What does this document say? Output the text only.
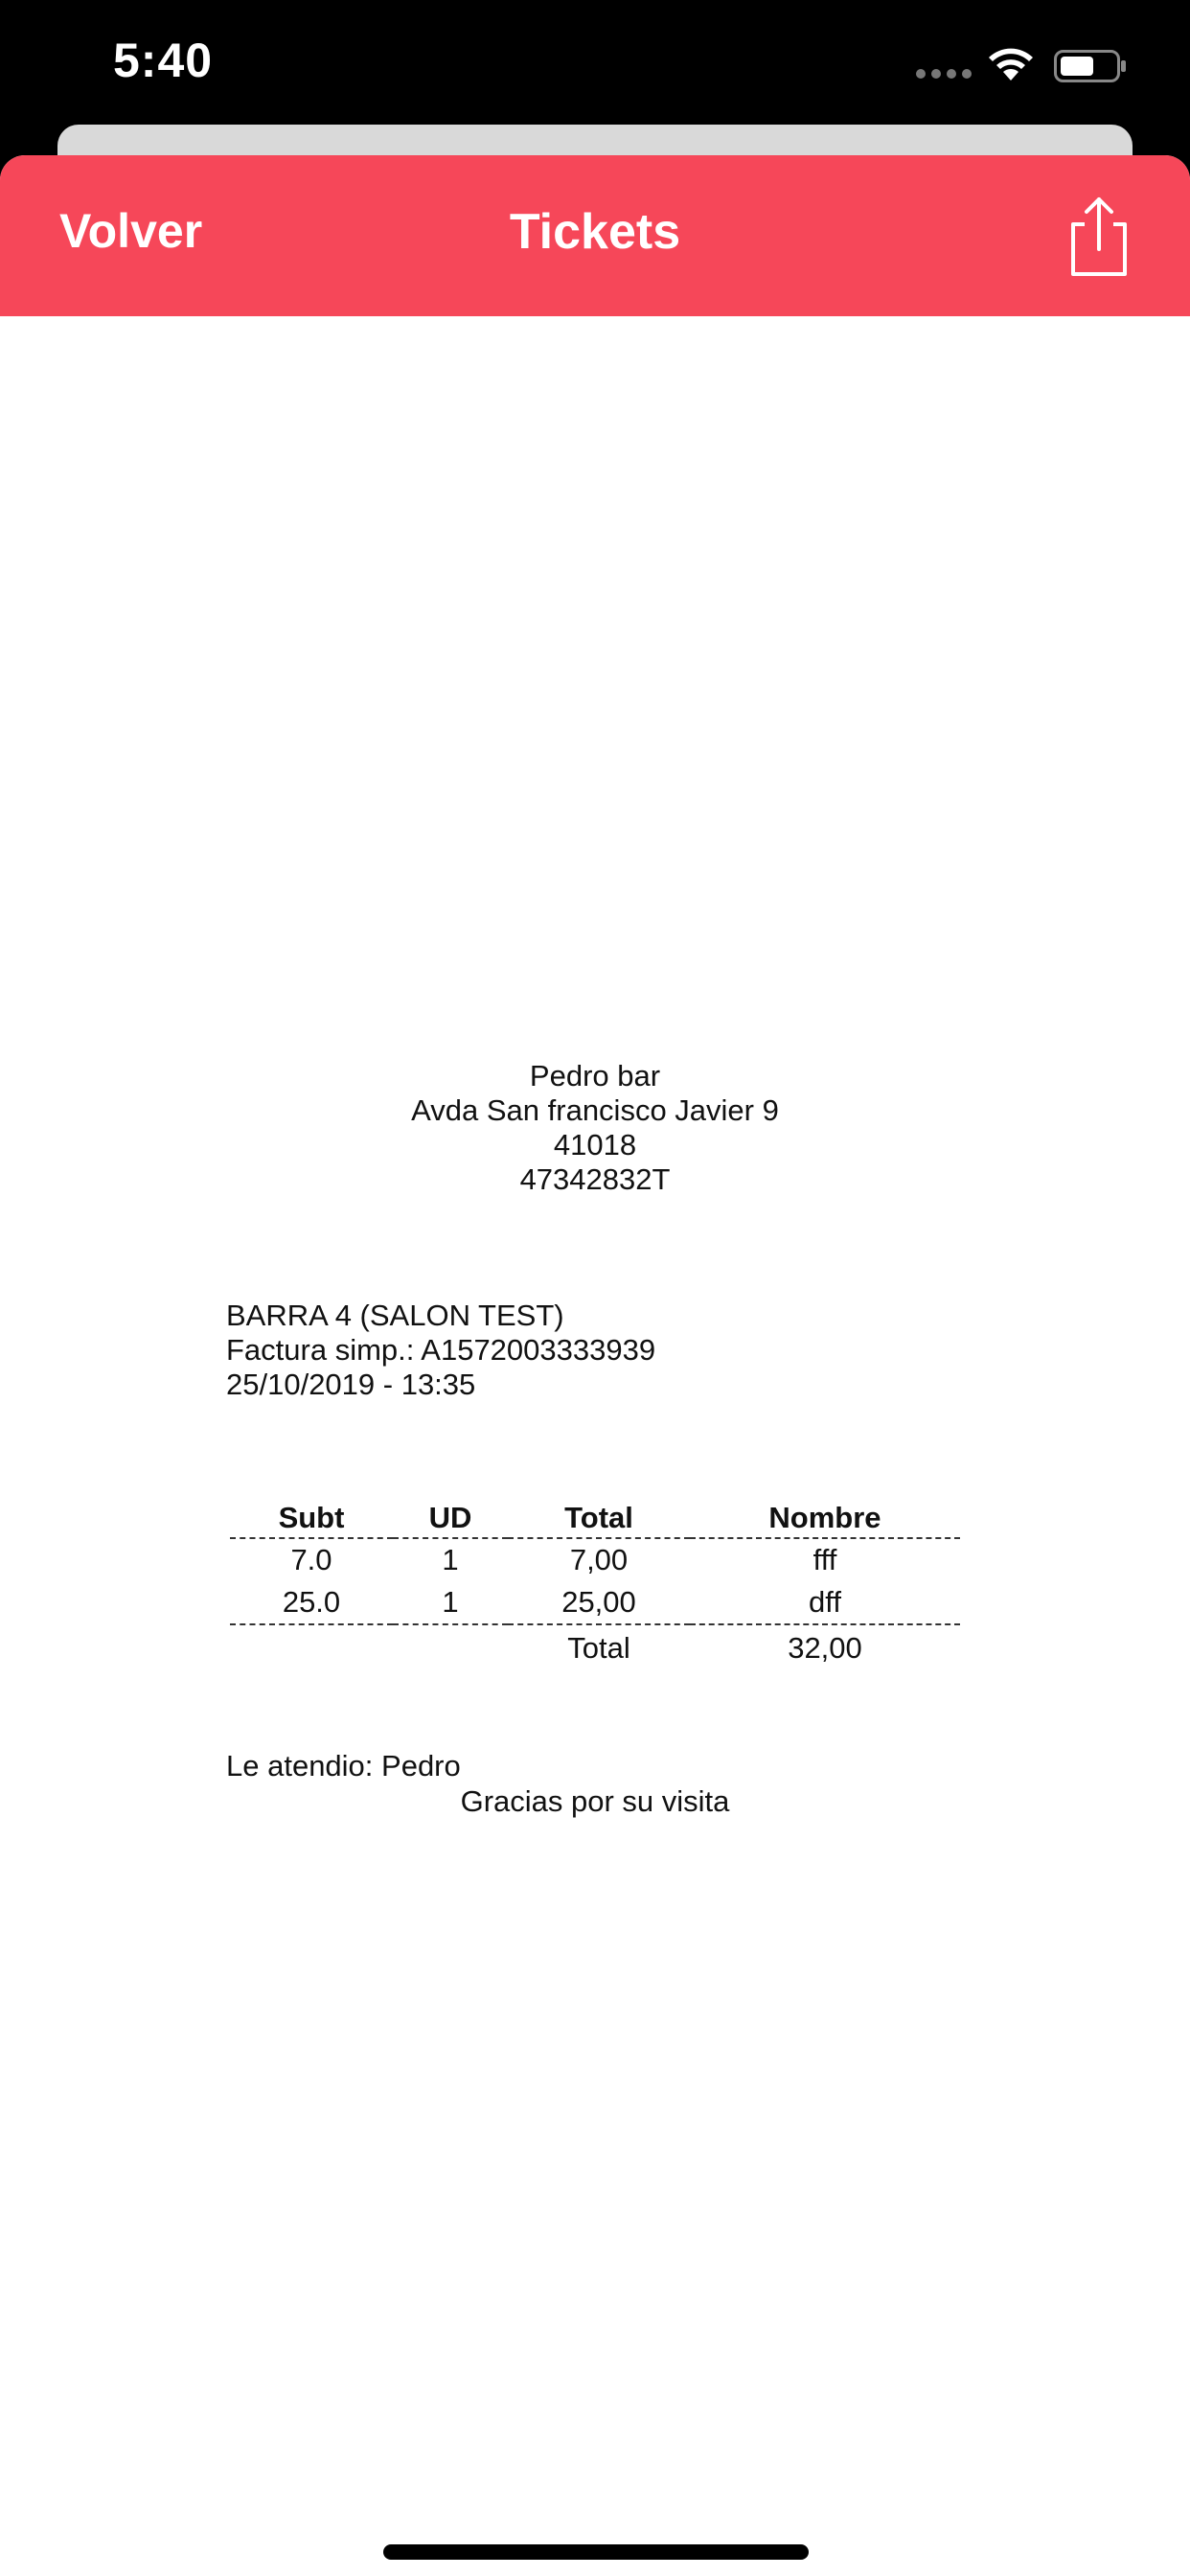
5:40
Volver	Tickets
Pedro bar
Avda San francisco Javier 9
41018
47342832T
BARRA 4 (SALON TEST)
Factura simp.: A1572003333939
25/10/2019 - 13:35
Subt	UD	Total	Nombre
7.0	1	7,00	fff
25.0	1	25,00	dff
		Total	32,00
Le atendio: Pedro
Gracias por su visita
